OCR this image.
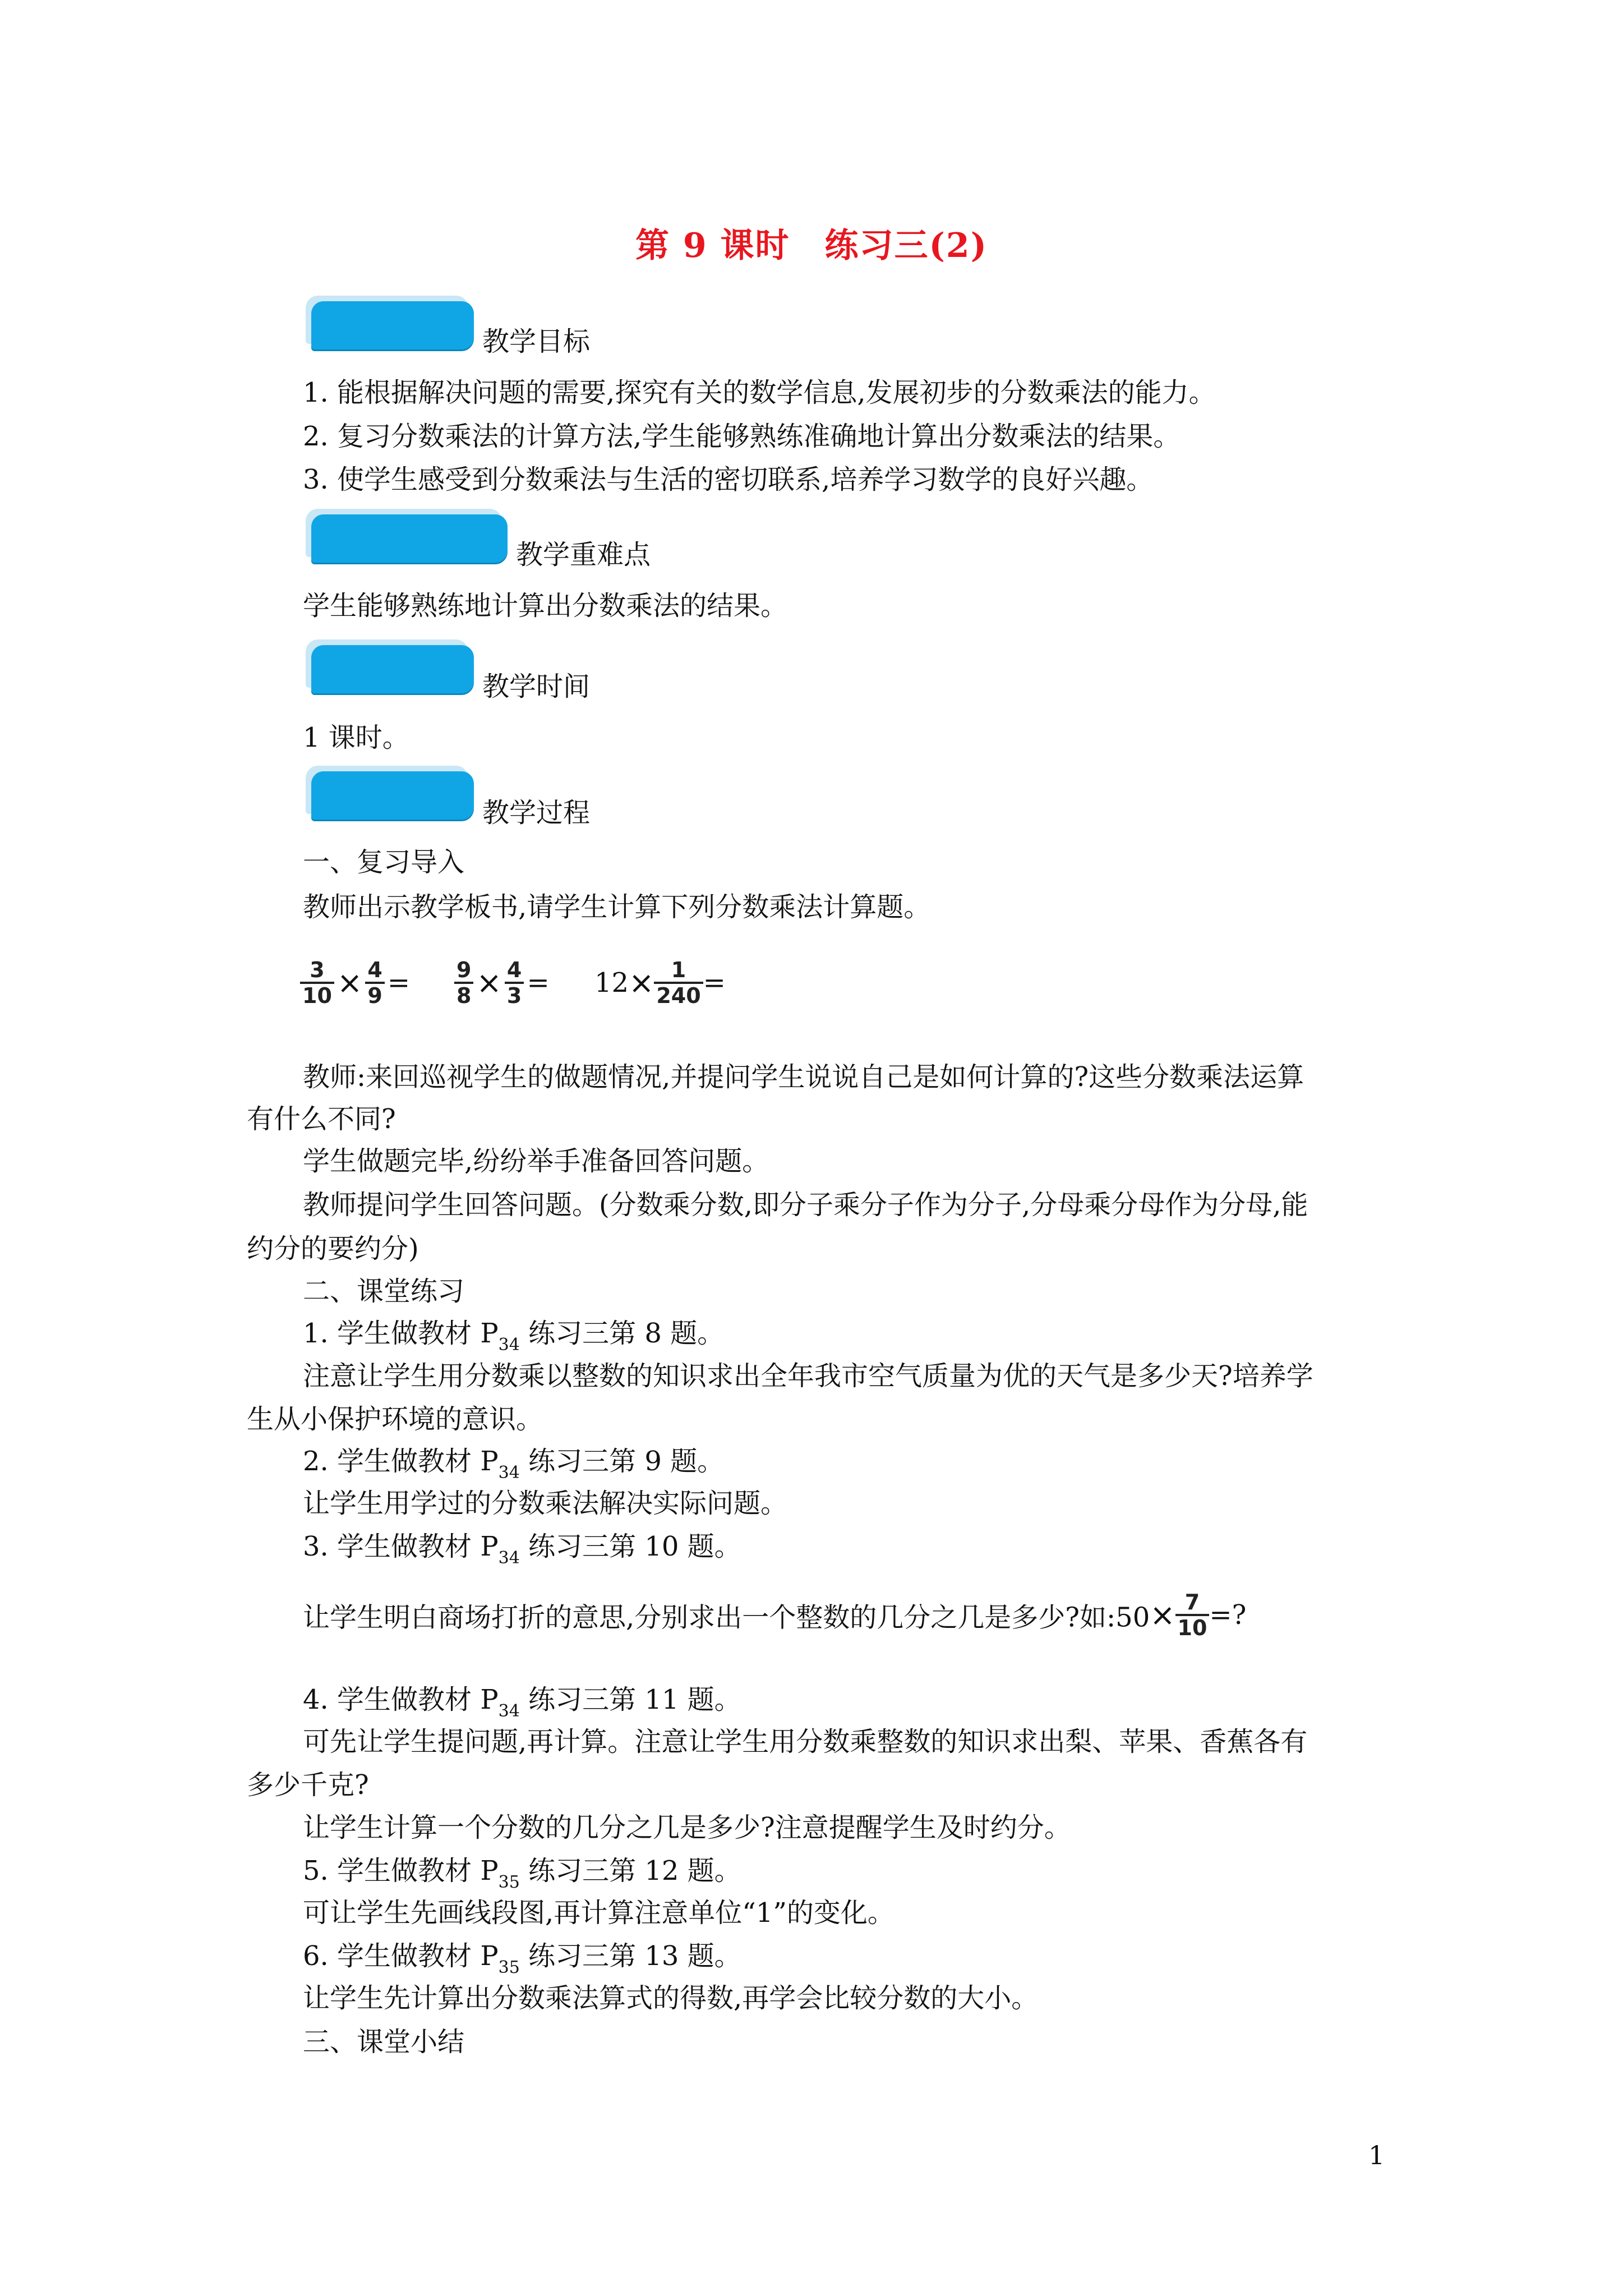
第 9 课时　练习三(2)
教学目标
1. 能根据解决问题的需要,探究有关的数学信息,发展初步的分数乘法的能力。
2. 复习分数乘法的计算方法,学生能够熟练准确地计算出分数乘法的结果。
3. 使学生感受到分数乘法与生活的密切联系,培养学习数学的良好兴趣。
教学重难点
学生能够熟练地计算出分数乘法的结果。
教学时间
1 课时。
教学过程
一、复习导入
教师出示教学板书,请学生计算下列分数乘法计算题。
$\frac{3}{10} \times \frac{4}{9} = \frac{9}{8} \times \frac{4}{3} = 12\times \frac{1}{240}$ =
教师:来回巡视学生的做题情况,并提问学生说说自己是如何计算的?这些分数乘法运算
有什么不同?
学生做题完毕,纷纷举手准备回答问题。
教师提问学生回答问题。(分数乘分数,即分子乘分子作为分子,分母乘分母作为分母,能
约分的要约分)
二、课堂练习
1. 学生做教材 $P_{34}$ 练习三第 8 题。
注意让学生用分数乘以整数的知识求出全年我市空气质量为优的天气是多少天?培养学
生从小保护环境的意识。
2. 学生做教材 $P_{34}$ 练习三第 9 题。
让学生用学过的分数乘法解决实际问题。
3. 学生做教材 $P_{34}$ 练习三第 10 题。
让学生明白商场打折的意思,分别求出一个整数的几分之几是多少?如:50× $\frac{7}{10}$ =?
4. 学生做教材 $P_{34}$ 练习三第 11 题。
可先让学生提问题,再计算。注意让学生用分数乘整数的知识求出梨、苹果、香蕉各有
多少千克?
让学生计算一个分数的几分之几是多少?注意提醒学生及时约分。
5. 学生做教材 $P_{35}$ 练习三第 12 题。
可让学生先画线段图,再计算注意单位“1”的变化。
6. 学生做教材 $P_{35}$ 练习三第 13 题。
让学生先计算出分数乘法算式的得数,再学会比较分数的大小。
三、课堂小结
1
